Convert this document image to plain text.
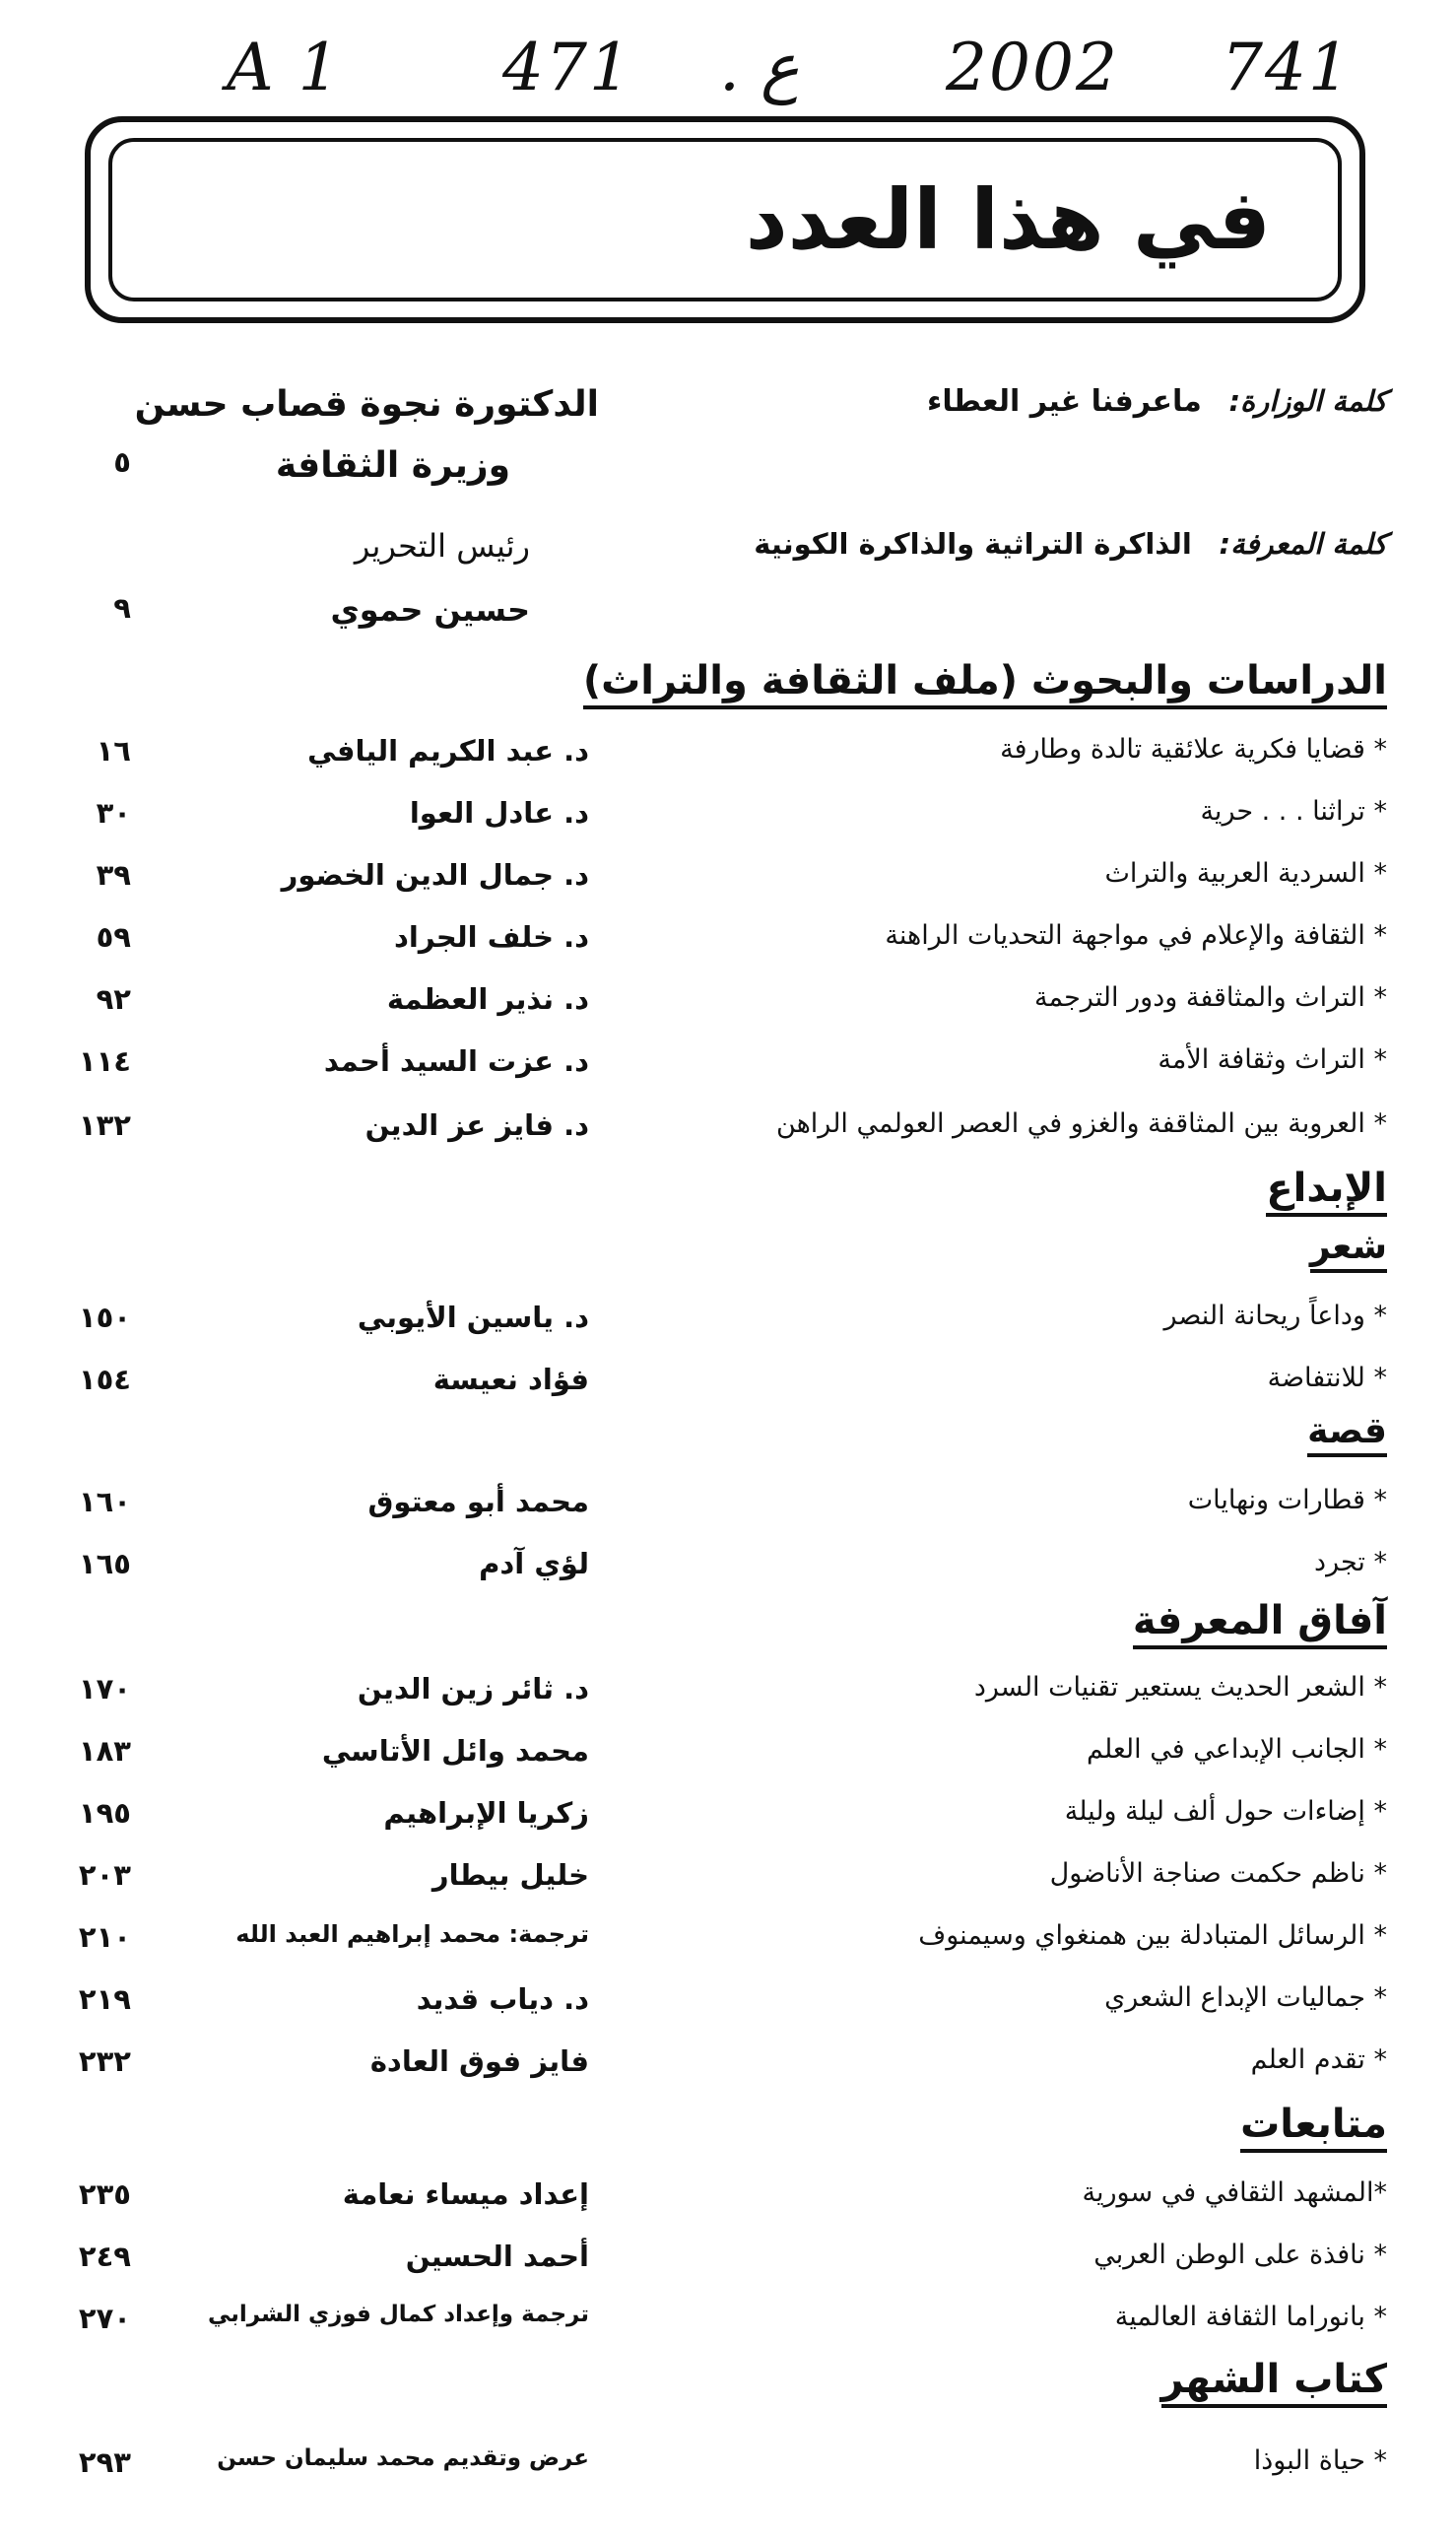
A 1 471 ع . 2002 741
في هذا العدد
كلمة الوزارة:   ماعرفنا غير العطاء
الدكتورة نجوة قصاب حسن
وزيرة الثقافة
٥
كلمة المعرفة:   الذاكرة التراثية والذاكرة الكونية
رئيس التحرير
حسين حموي
٩
الدراسات والبحوث (ملف الثقافة والتراث)
* قضايا فكرية علائقية تالدة وطارفة
د. عبد الكريم اليافي
١٦
* تراثنا . . . حرية
د. عادل العوا
٣٠
* السردية العربية والتراث
د. جمال الدين الخضور
٣٩
* الثقافة والإعلام في مواجهة التحديات الراهنة
د. خلف الجراد
٥٩
* التراث والمثاقفة ودور الترجمة
د. نذير العظمة
٩٢
* التراث وثقافة الأمة
د. عزت السيد أحمد
١١٤
* العروبة بين المثاقفة والغزو في العصر العولمي الراهن
د. فايز عز الدين
١٣٢
الإبداع
شعر
* وداعاً ريحانة النصر
د. ياسين الأيوبي
١٥٠
* للانتفاضة
فؤاد نعيسة
١٥٤
قصة
* قطارات ونهايات
محمد أبو معتوق
١٦٠
* تجرد
لؤي آدم
١٦٥
آفاق المعرفة
* الشعر الحديث يستعير تقنيات السرد
د. ثائر زين الدين
١٧٠
* الجانب الإبداعي في العلم
محمد وائل الأتاسي
١٨٣
* إضاءات حول ألف ليلة وليلة
زكريا الإبراهيم
١٩٥
* ناظم حكمت صناجة الأناضول
خليل بيطار
٢٠٣
* الرسائل المتبادلة بين همنغواي وسيمنوف
ترجمة: محمد إبراهيم العبد الله
٢١٠
* جماليات الإبداع الشعري
د. دياب قديد
٢١٩
* تقدم العلم
فايز فوق العادة
٢٣٢
متابعات
*المشهد الثقافي في سورية
إعداد ميساء نعامة
٢٣٥
* نافذة على الوطن العربي
أحمد الحسين
٢٤٩
* بانوراما الثقافة العالمية
ترجمة وإعداد كمال فوزي الشرابي
٢٧٠
كتاب الشهر
* حياة البوذا
عرض وتقديم محمد سليمان حسن
٢٩٣
